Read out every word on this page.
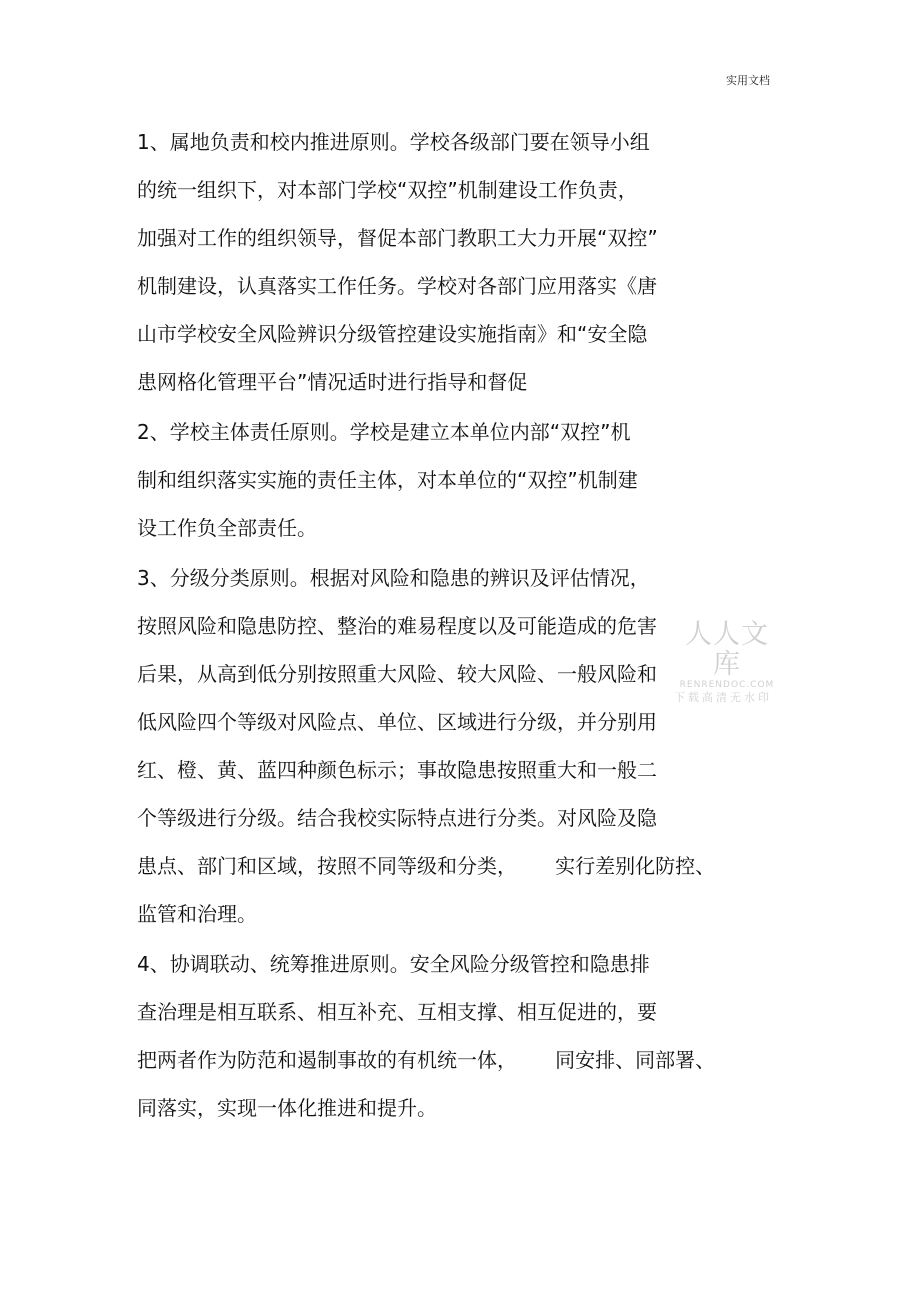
实用文档
1、属地负责和校内推进原则。学校各级部门要在领导小组
的统一组织下，对本部门学校“双控”机制建设工作负责，
加强对工作的组织领导，督促本部门教职工大力开展“双控”
机制建设，认真落实工作任务。学校对各部门应用落实《唐
山市学校安全风险辨识分级管控建设实施指南》和“安全隐
患网格化管理平台”情况适时进行指导和督促
2、学校主体责任原则。学校是建立本单位内部“双控”机
制和组织落实实施的责任主体，对本单位的“双控”机制建
设工作负全部责任。
3、分级分类原则。根据对风险和隐患的辨识及评估情况，
按照风险和隐患防控、整治的难易程度以及可能造成的危害
后果，从高到低分别按照重大风险、较大风险、一般风险和
低风险四个等级对风险点、单位、区域进行分级，并分别用
红、橙、黄、蓝四种颜色标示；事故隐患按照重大和一般二
个等级进行分级。结合我校实际特点进行分类。对风险及隐
患点、部门和区域，按照不同等级和分类，      实行差别化防控、
监管和治理。
4、协调联动、统筹推进原则。安全风险分级管控和隐患排
查治理是相互联系、相互补充、互相支撑、相互促进的，要
把两者作为防范和遏制事故的有机统一体，      同安排、同部署、
同落实，实现一体化推进和提升。
人人文库
RENRENDOC.COM
下载高清无水印
